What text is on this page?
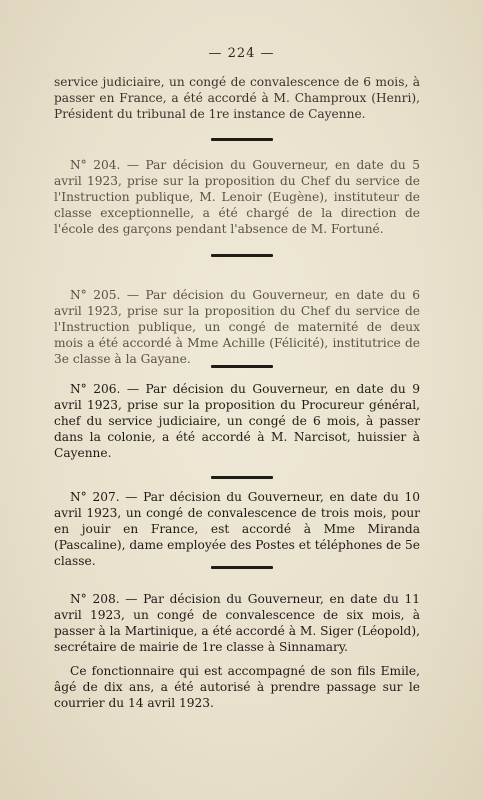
— 224 —

service judiciaire, un congé de convalescence de 6 mois, à passer en France, a été accordé à M. Champroux (Henri), Président du tribunal de 1re instance de Cayenne.

N° 204. — Par décision du Gouverneur, en date du 5 avril 1923, prise sur la proposition du Chef du service de l'Instruction publique, M. Lenoir (Eugène), instituteur de classe exceptionnelle, a été chargé de la direction de l'école des garçons pendant l'absence de M. Fortuné.

N° 205. — Par décision du Gouverneur, en date du 6 avril 1923, prise sur la proposition du Chef du service de l'Instruction publique, un congé de maternité de deux mois a été accordé à Mme Achille (Félicité), institutrice de 3e classe à la Gayane.

N° 206. — Par décision du Gouverneur, en date du 9 avril 1923, prise sur la proposition du Procureur général, chef du service judiciaire, un congé de 6 mois, à passer dans la colonie, a été accordé à M. Narcisot, huissier à Cayenne.

N° 207. — Par décision du Gouverneur, en date du 10 avril 1923, un congé de convalescence de trois mois, pour en jouir en France, est accordé à Mme Miranda (Pascaline), dame employée des Postes et téléphones de 5e classe.

N° 208. — Par décision du Gouverneur, en date du 11 avril 1923, un congé de convalescence de six mois, à passer à la Martinique, a été accordé à M. Siger (Léopold), secrétaire de mairie de 1re classe à Sinnamary.

Ce fonctionnaire qui est accompagné de son fils Emile, âgé de dix ans, a été autorisé à prendre passage sur le courrier du 14 avril 1923.
